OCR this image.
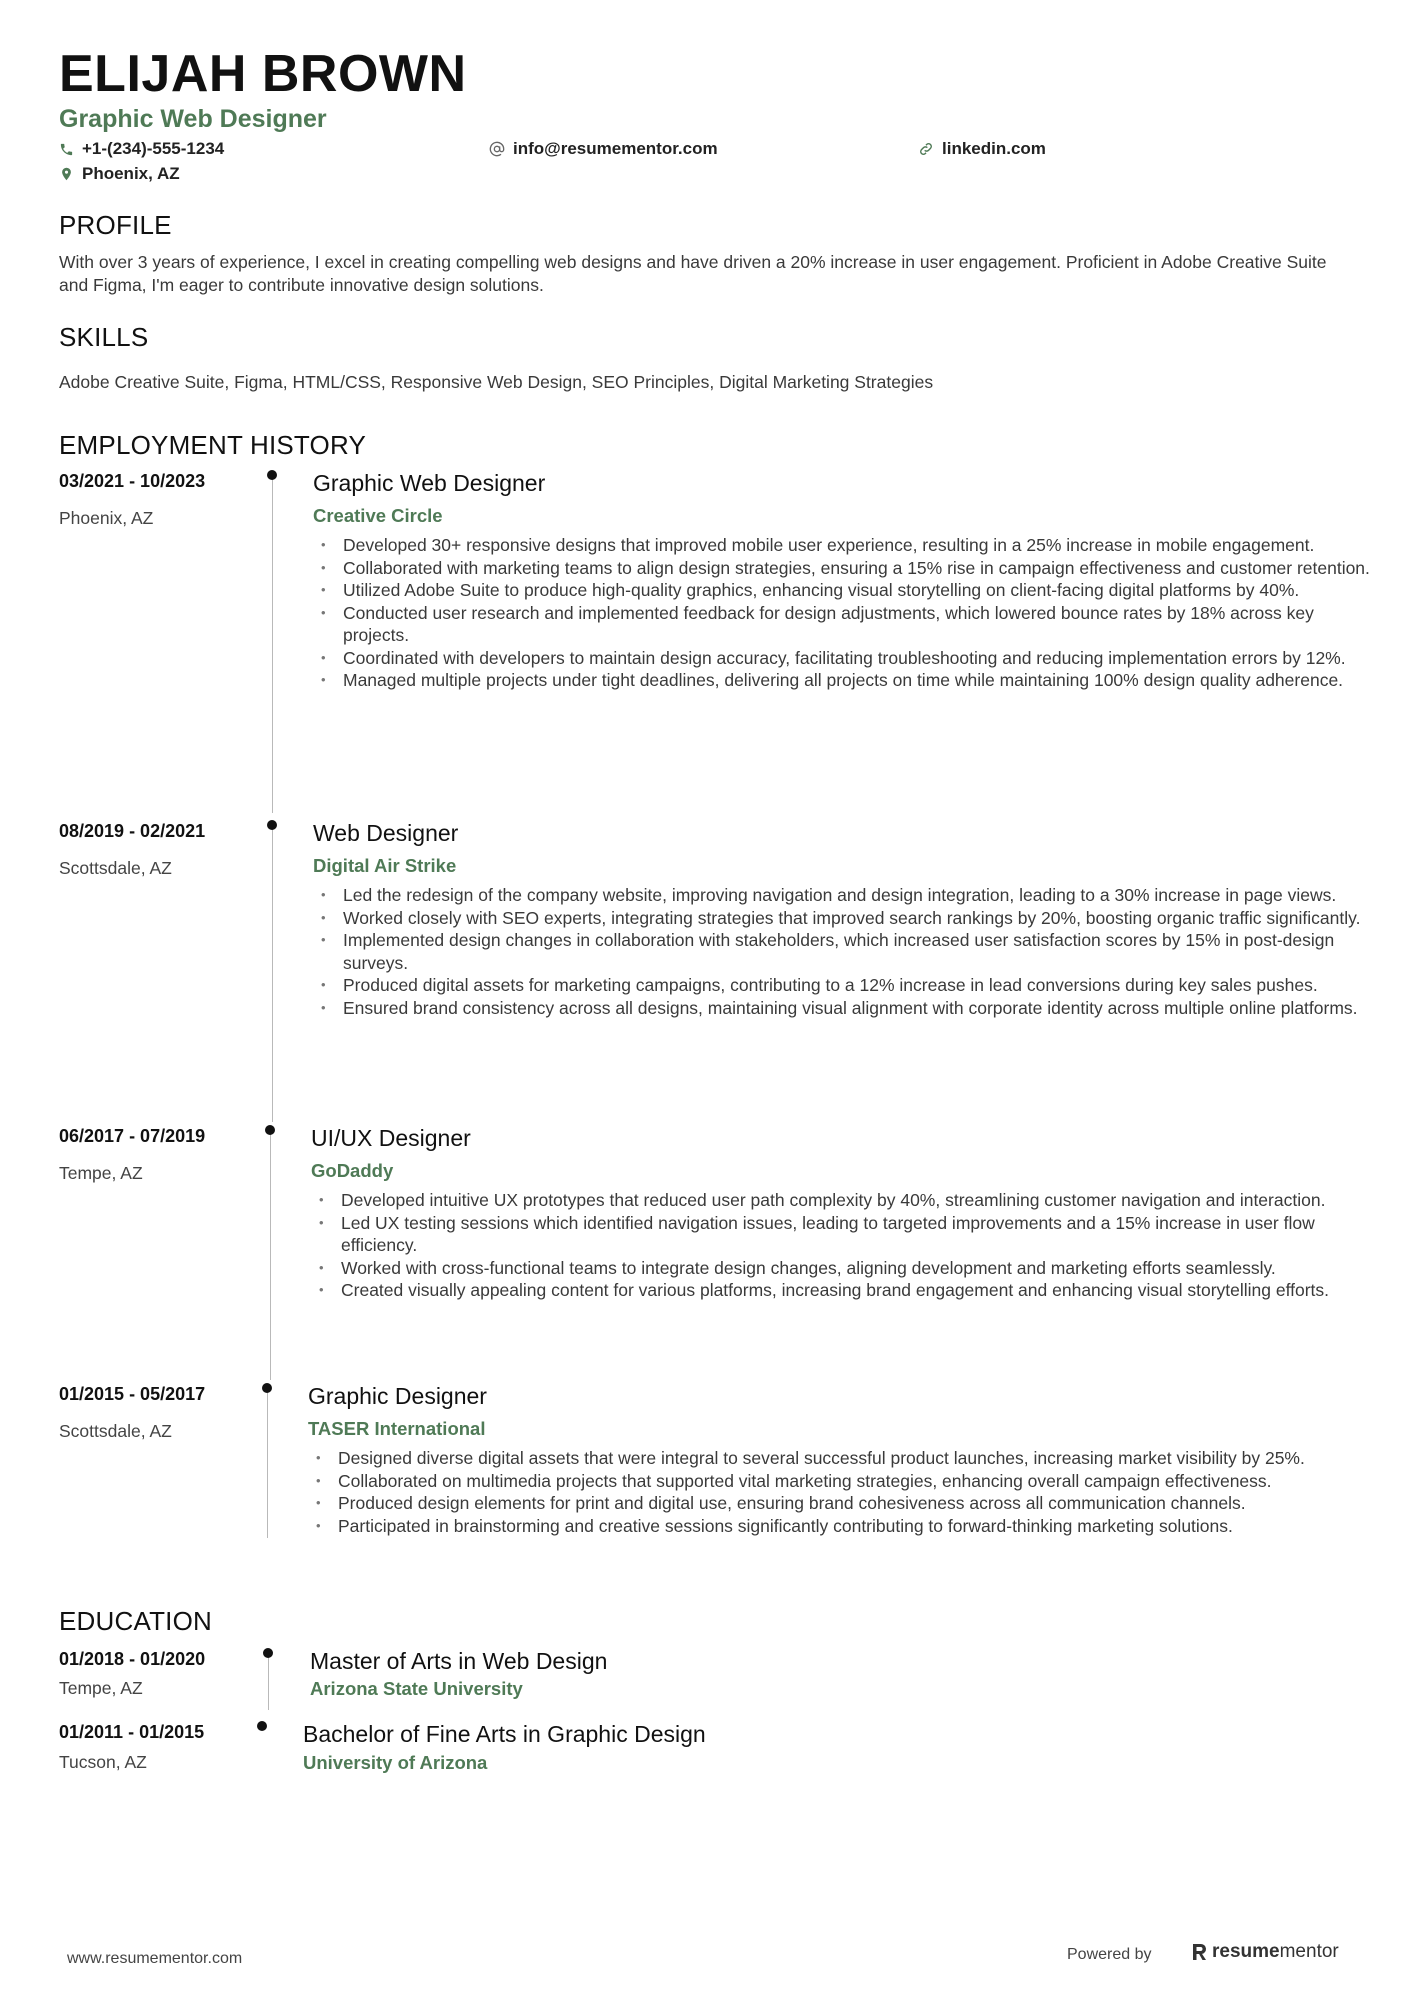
ELIJAH BROWN
Graphic Web Designer
+1-(234)-555-1234	info@resumementor.com	linkedin.com
Phoenix, AZ
PROFILE
With over 3 years of experience, I excel in creating compelling web designs and have driven a 20% increase in user engagement. Proficient in Adobe Creative Suite and Figma, I'm eager to contribute innovative design solutions.
SKILLS
Adobe Creative Suite, Figma, HTML/CSS, Responsive Web Design, SEO Principles, Digital Marketing Strategies
EMPLOYMENT HISTORY
03/2021 - 10/2023
Phoenix, AZ
Graphic Web Designer
Creative Circle
• Developed 30+ responsive designs that improved mobile user experience, resulting in a 25% increase in mobile engagement.
• Collaborated with marketing teams to align design strategies, ensuring a 15% rise in campaign effectiveness and customer retention.
• Utilized Adobe Suite to produce high-quality graphics, enhancing visual storytelling on client-facing digital platforms by 40%.
• Conducted user research and implemented feedback for design adjustments, which lowered bounce rates by 18% across key projects.
• Coordinated with developers to maintain design accuracy, facilitating troubleshooting and reducing implementation errors by 12%.
• Managed multiple projects under tight deadlines, delivering all projects on time while maintaining 100% design quality adherence.
08/2019 - 02/2021
Scottsdale, AZ
Web Designer
Digital Air Strike
• Led the redesign of the company website, improving navigation and design integration, leading to a 30% increase in page views.
• Worked closely with SEO experts, integrating strategies that improved search rankings by 20%, boosting organic traffic significantly.
• Implemented design changes in collaboration with stakeholders, which increased user satisfaction scores by 15% in post-design surveys.
• Produced digital assets for marketing campaigns, contributing to a 12% increase in lead conversions during key sales pushes.
• Ensured brand consistency across all designs, maintaining visual alignment with corporate identity across multiple online platforms.
06/2017 - 07/2019
Tempe, AZ
UI/UX Designer
GoDaddy
• Developed intuitive UX prototypes that reduced user path complexity by 40%, streamlining customer navigation and interaction.
• Led UX testing sessions which identified navigation issues, leading to targeted improvements and a 15% increase in user flow efficiency.
• Worked with cross-functional teams to integrate design changes, aligning development and marketing efforts seamlessly.
• Created visually appealing content for various platforms, increasing brand engagement and enhancing visual storytelling efforts.
01/2015 - 05/2017
Scottsdale, AZ
Graphic Designer
TASER International
• Designed diverse digital assets that were integral to several successful product launches, increasing market visibility by 25%.
• Collaborated on multimedia projects that supported vital marketing strategies, enhancing overall campaign effectiveness.
• Produced design elements for print and digital use, ensuring brand cohesiveness across all communication channels.
• Participated in brainstorming and creative sessions significantly contributing to forward-thinking marketing solutions.
EDUCATION
01/2018 - 01/2020
Tempe, AZ
Master of Arts in Web Design
Arizona State University
01/2011 - 01/2015
Tucson, AZ
Bachelor of Fine Arts in Graphic Design
University of Arizona
www.resumementor.com	Powered by	resume mentor
